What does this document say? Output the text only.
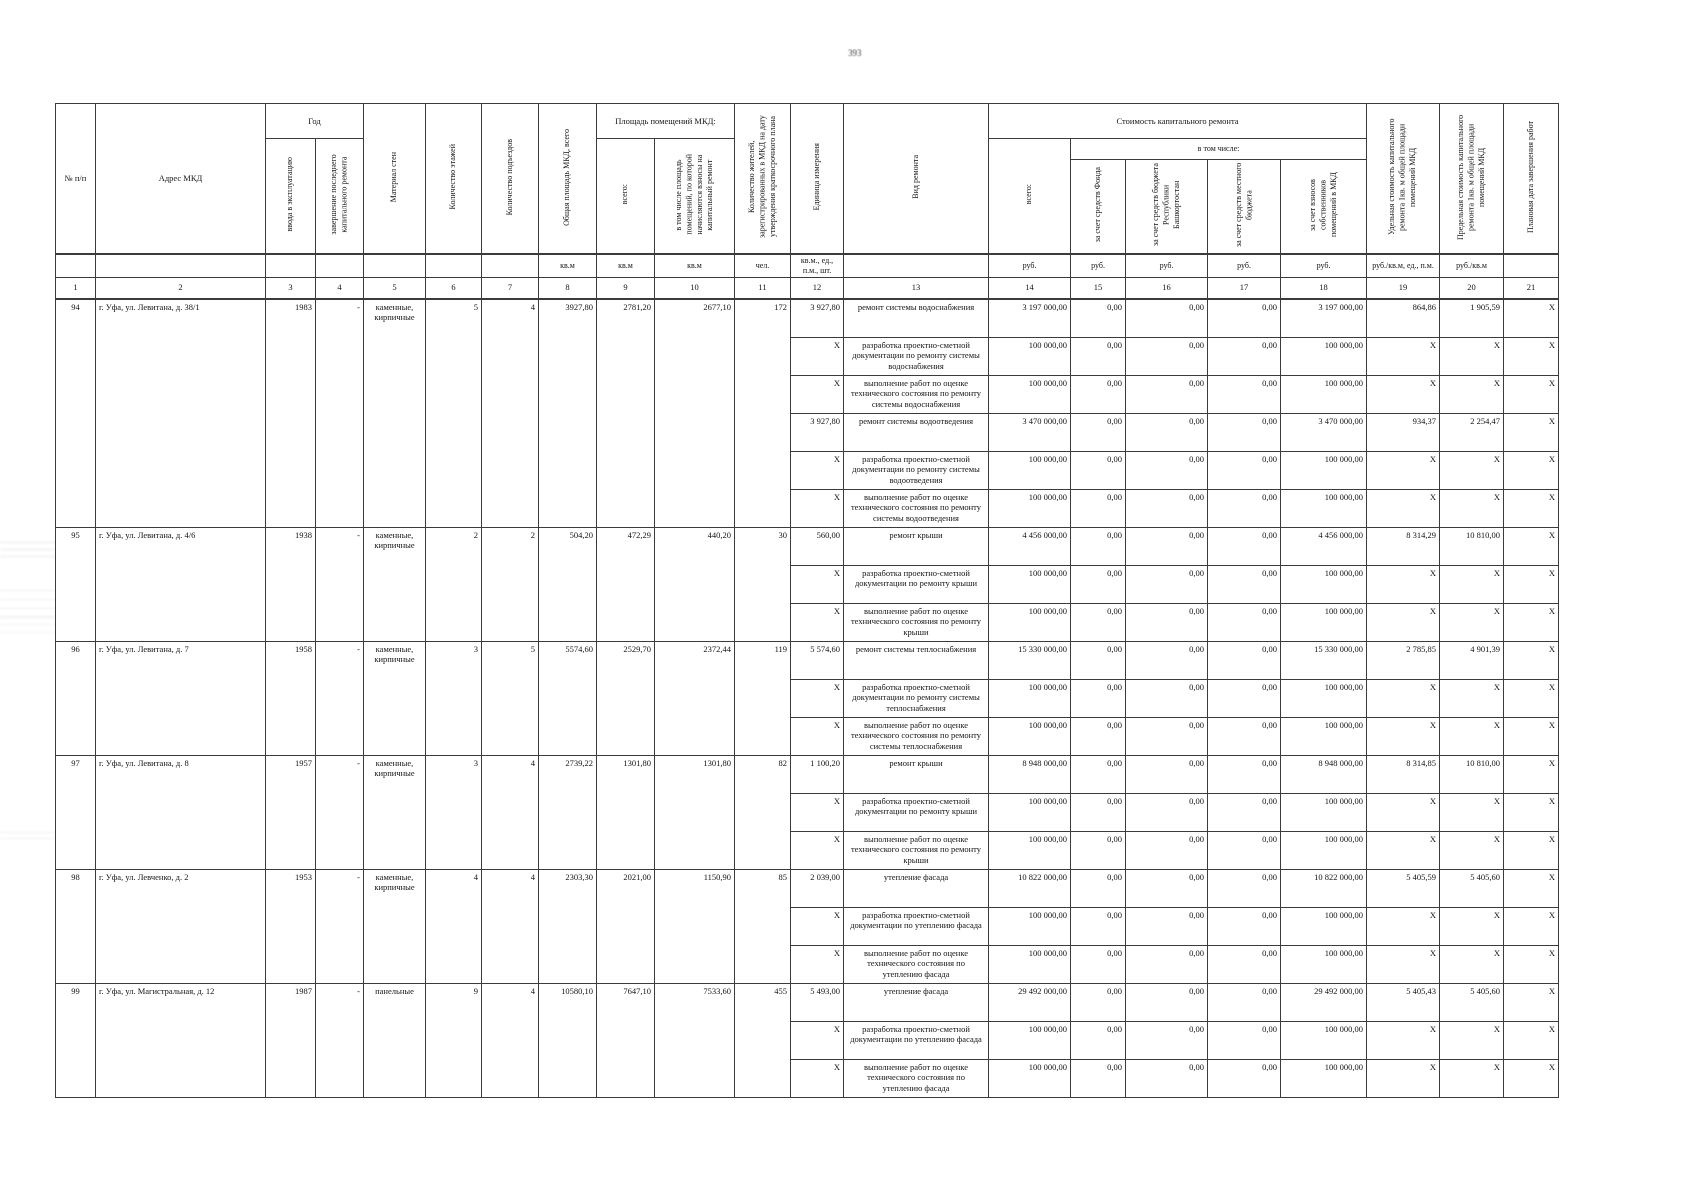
393
№ п/п	Адрес МКД	Год		Материал стен	Количество этажей	Количество подъездов	Общая площадь МКД, всего	Площадь помещений МКД:		Количество жителей, зарегистрированных в МКД на дату утверждения краткосрочного плана	Единица измерения	Вид ремонта	Стоимость капитального ремонта					Удельная стоимость капитального ремонта 1кв. м общей площади помещений МКД	Предельная стоимость капитального ремонта 1кв. м общей площади помещений МКД	Плановая дата завершения работ
		ввода в эксплуатацию	завершение последнего капитального ремонта					всего:	в том числе площадь помещений, по которой начисляются взносы на капитальный ремонт				всего:	в том числе:						
														за счет средств Фонда	за счет средств бюджета Республики Башкортостан	за счет средств местного бюджета	за счет взносов собственников помещений в МКД			
							кв.м	кв.м	кв.м	чел.	кв.м., ед., п.м., шт.		руб.	руб.	руб.	руб.	руб.	руб./кв.м, ед., п.м.	руб./кв.м	
1	2	3	4	5	6	7	8	9	10	11	12	13	14	15	16	17	18	19	20	21
94	г. Уфа, ул. Левитана, д. 38/1	1983	-	каменные, кирпичные	5	4	3927,80	2781,20	2677,10	172	3 927,80	ремонт системы водоснабжения	3 197 000,00	0,00	0,00	0,00	3 197 000,00	864,86	1 905,59	X
											X	разработка проектно-сметной документации по ремонту системы водоснабжения	100 000,00	0,00	0,00	0,00	100 000,00	X	X	X
											X	выполнение работ по оценке технического состояния по ремонту системы водоснабжения	100 000,00	0,00	0,00	0,00	100 000,00	X	X	X
											3 927,80	ремонт системы водоотведения	3 470 000,00	0,00	0,00	0,00	3 470 000,00	934,37	2 254,47	X
											X	разработка проектно-сметной документации по ремонту системы водоотведения	100 000,00	0,00	0,00	0,00	100 000,00	X	X	X
											X	выполнение работ по оценке технического состояния по ремонту системы водоотведения	100 000,00	0,00	0,00	0,00	100 000,00	X	X	X
95	г. Уфа, ул. Левитана, д. 4/6	1938	-	каменные, кирпичные	2	2	504,20	472,29	440,20	30	560,00	ремонт крыши	4 456 000,00	0,00	0,00	0,00	4 456 000,00	8 314,29	10 810,00	X
											X	разработка проектно-сметной документации по ремонту крыши	100 000,00	0,00	0,00	0,00	100 000,00	X	X	X
											X	выполнение работ по оценке технического состояния по ремонту крыши	100 000,00	0,00	0,00	0,00	100 000,00	X	X	X
96	г. Уфа, ул. Левитана, д. 7	1958	-	каменные, кирпичные	3	5	5574,60	2529,70	2372,44	119	5 574,60	ремонт системы теплоснабжения	15 330 000,00	0,00	0,00	0,00	15 330 000,00	2 785,85	4 901,39	X
											X	разработка проектно-сметной документации по ремонту системы теплоснабжения	100 000,00	0,00	0,00	0,00	100 000,00	X	X	X
											X	выполнение работ по оценке технического состояния по ремонту системы теплоснабжения	100 000,00	0,00	0,00	0,00	100 000,00	X	X	X
97	г. Уфа, ул. Левитана, д. 8	1957	-	каменные, кирпичные	3	4	2739,22	1301,80	1301,80	82	1 100,20	ремонт крыши	8 948 000,00	0,00	0,00	0,00	8 948 000,00	8 314,85	10 810,00	X
											X	разработка проектно-сметной документации по ремонту крыши	100 000,00	0,00	0,00	0,00	100 000,00	X	X	X
											X	выполнение работ по оценке технического состояния по ремонту крыши	100 000,00	0,00	0,00	0,00	100 000,00	X	X	X
98	г. Уфа, ул. Левченко, д. 2	1953	-	каменные, кирпичные	4	4	2303,30	2021,00	1150,90	85	2 039,00	утепление фасада	10 822 000,00	0,00	0,00	0,00	10 822 000,00	5 405,59	5 405,60	X
											X	разработка проектно-сметной документации по утеплению фасада	100 000,00	0,00	0,00	0,00	100 000,00	X	X	X
											X	выполнение работ по оценке технического состояния по утеплению фасада	100 000,00	0,00	0,00	0,00	100 000,00	X	X	X
99	г. Уфа, ул. Магистральная, д. 12	1987	-	панельные	9	4	10580,10	7647,10	7533,60	455	5 493,00	утепление фасада	29 492 000,00	0,00	0,00	0,00	29 492 000,00	5 405,43	5 405,60	X
											X	разработка проектно-сметной документации по утеплению фасада	100 000,00	0,00	0,00	0,00	100 000,00	X	X	X
											X	выполнение работ по оценке технического состояния по утеплению фасада	100 000,00	0,00	0,00	0,00	100 000,00	X	X	X
